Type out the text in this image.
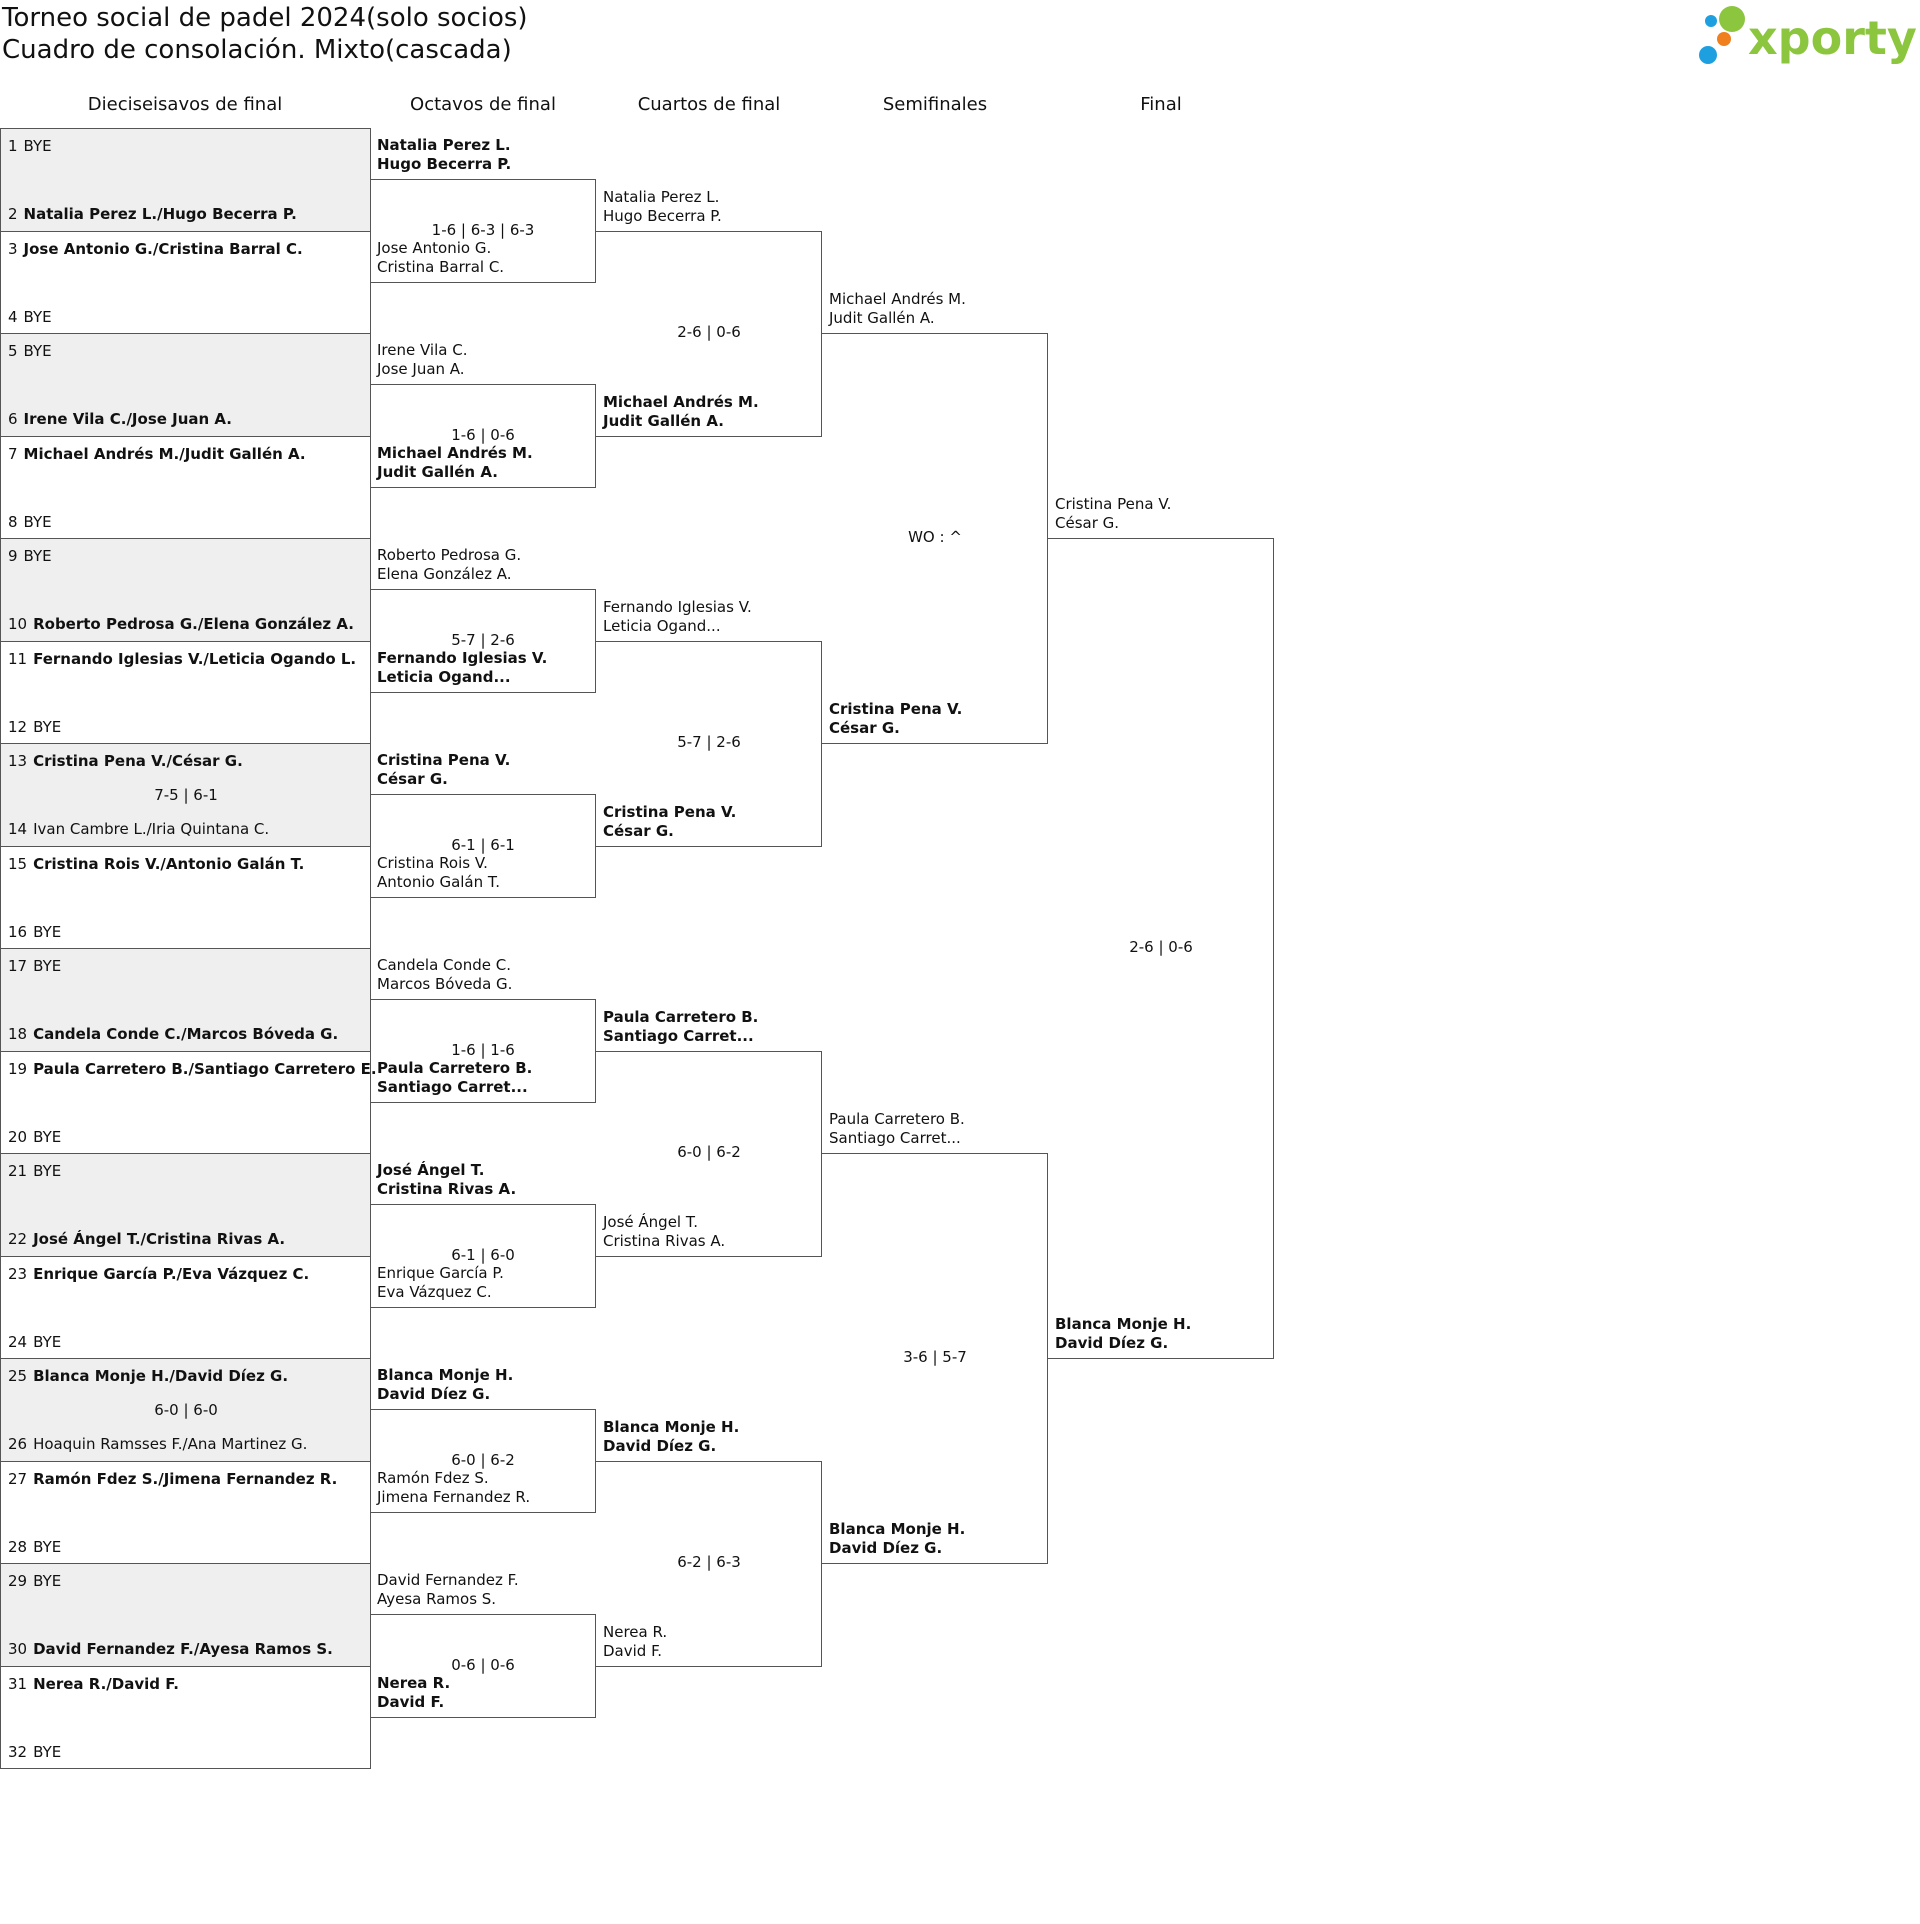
Torneo social de padel 2024(solo socios)
Cuadro de consolación. Mixto(cascada)	xporty
Dieciseisavos de final	Octavos de final	Cuartos de final	Semifinales	Final
1 BYE
2 Natalia Perez L./Hugo Becerra P.
3 Jose Antonio G./Cristina Barral C.
4 BYE
5 BYE
6 Irene Vila C./Jose Juan A.
7 Michael Andrés M./Judit Gallén A.
8 BYE
9 BYE
10 Roberto Pedrosa G./Elena González A.
11 Fernando Iglesias V./Leticia Ogando L.
12 BYE
13 Cristina Pena V./César G.
14 Ivan Cambre L./Iria Quintana C.
7-5 | 6-1
15 Cristina Rois V./Antonio Galán T.
16 BYE
17 BYE
18 Candela Conde C./Marcos Bóveda G.
19 Paula Carretero B./Santiago Carretero E.
20 BYE
21 BYE
22 José Ángel T./Cristina Rivas A.
23 Enrique García P./Eva Vázquez C.
24 BYE
25 Blanca Monje H./David Díez G.
26 Hoaquin Ramsses F./Ana Martinez G.
6-0 | 6-0
27 Ramón Fdez S./Jimena Fernandez R.
28 BYE
29 BYE
30 David Fernandez F./Ayesa Ramos S.
31 Nerea R./David F.
32 BYE
Natalia Perez L.
Hugo Becerra P.
Jose Antonio G.
Cristina Barral C.
1-6 | 6-3 | 6-3
Irene Vila C.
Jose Juan A.
Michael Andrés M.
Judit Gallén A.
1-6 | 0-6
Roberto Pedrosa G.
Elena González A.
Fernando Iglesias V.
Leticia Ogand...
5-7 | 2-6
Cristina Pena V.
César G.
Cristina Rois V.
Antonio Galán T.
6-1 | 6-1
Candela Conde C.
Marcos Bóveda G.
Paula Carretero B.
Santiago Carret...
1-6 | 1-6
José Ángel T.
Cristina Rivas A.
Enrique García P.
Eva Vázquez C.
6-1 | 6-0
Blanca Monje H.
David Díez G.
Ramón Fdez S.
Jimena Fernandez R.
6-0 | 6-2
David Fernandez F.
Ayesa Ramos S.
Nerea R.
David F.
0-6 | 0-6
Natalia Perez L.
Hugo Becerra P.
Michael Andrés M.
Judit Gallén A.
2-6 | 0-6
Fernando Iglesias V.
Leticia Ogand...
Cristina Pena V.
César G.
5-7 | 2-6
Paula Carretero B.
Santiago Carret...
José Ángel T.
Cristina Rivas A.
6-0 | 6-2
Blanca Monje H.
David Díez G.
Nerea R.
David F.
6-2 | 6-3
Michael Andrés M.
Judit Gallén A.
Cristina Pena V.
César G.
WO : ^
Paula Carretero B.
Santiago Carret...
Blanca Monje H.
David Díez G.
3-6 | 5-7
Cristina Pena V.
César G.
Blanca Monje H.
David Díez G.
2-6 | 0-6
